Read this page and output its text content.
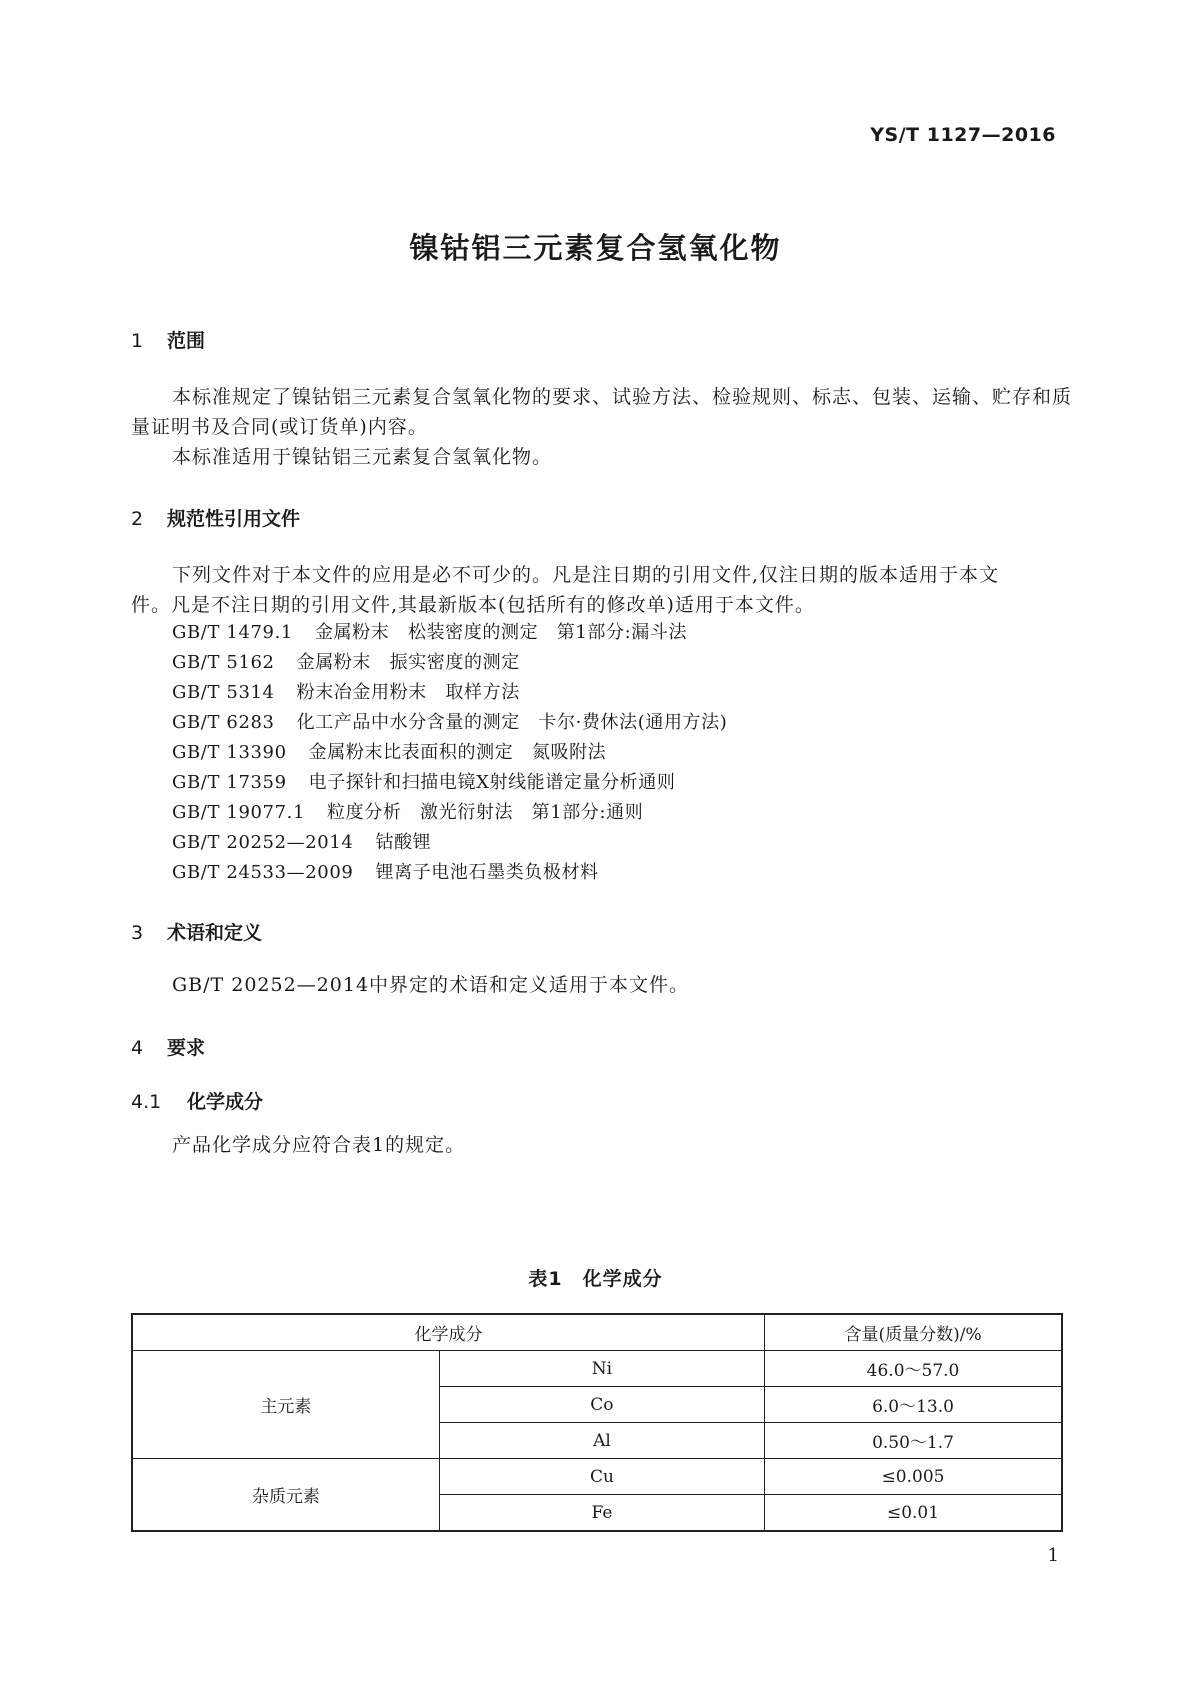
YS/T 1127—2016
镍钴铝三元素复合氢氧化物
1 范围
本标准规定了镍钴铝三元素复合氢氧化物的要求、试验方法、检验规则、标志、包装、运输、贮存和质
量证明书及合同(或订货单)内容。
本标准适用于镍钴铝三元素复合氢氧化物。
2 规范性引用文件
下列文件对于本文件的应用是必不可少的。凡是注日期的引用文件,仅注日期的版本适用于本文
件。凡是不注日期的引用文件,其最新版本(包括所有的修改单)适用于本文件。
GB/T 1479.1 金属粉末　松装密度的测定　第1部分:漏斗法
GB/T 5162 金属粉末　振实密度的测定
GB/T 5314 粉末冶金用粉末　取样方法
GB/T 6283 化工产品中水分含量的测定　卡尔·费休法(通用方法)
GB/T 13390 金属粉末比表面积的测定　氮吸附法
GB/T 17359 电子探针和扫描电镜X射线能谱定量分析通则
GB/T 19077.1 粒度分析　激光衍射法　第1部分:通则
GB/T 20252—2014 钴酸锂
GB/T 24533—2009 锂离子电池石墨类负极材料
3 术语和定义
GB/T 20252—2014中界定的术语和定义适用于本文件。
4 要求
4.1 化学成分
产品化学成分应符合表1的规定。
表1　化学成分
化学成分		含量(质量分数)/%
主元素	Ni	46.0～57.0
	Co	6.0～13.0
	Al	0.50～1.7
杂质元素	Cu	≤0.005
	Fe	≤0.01
1
